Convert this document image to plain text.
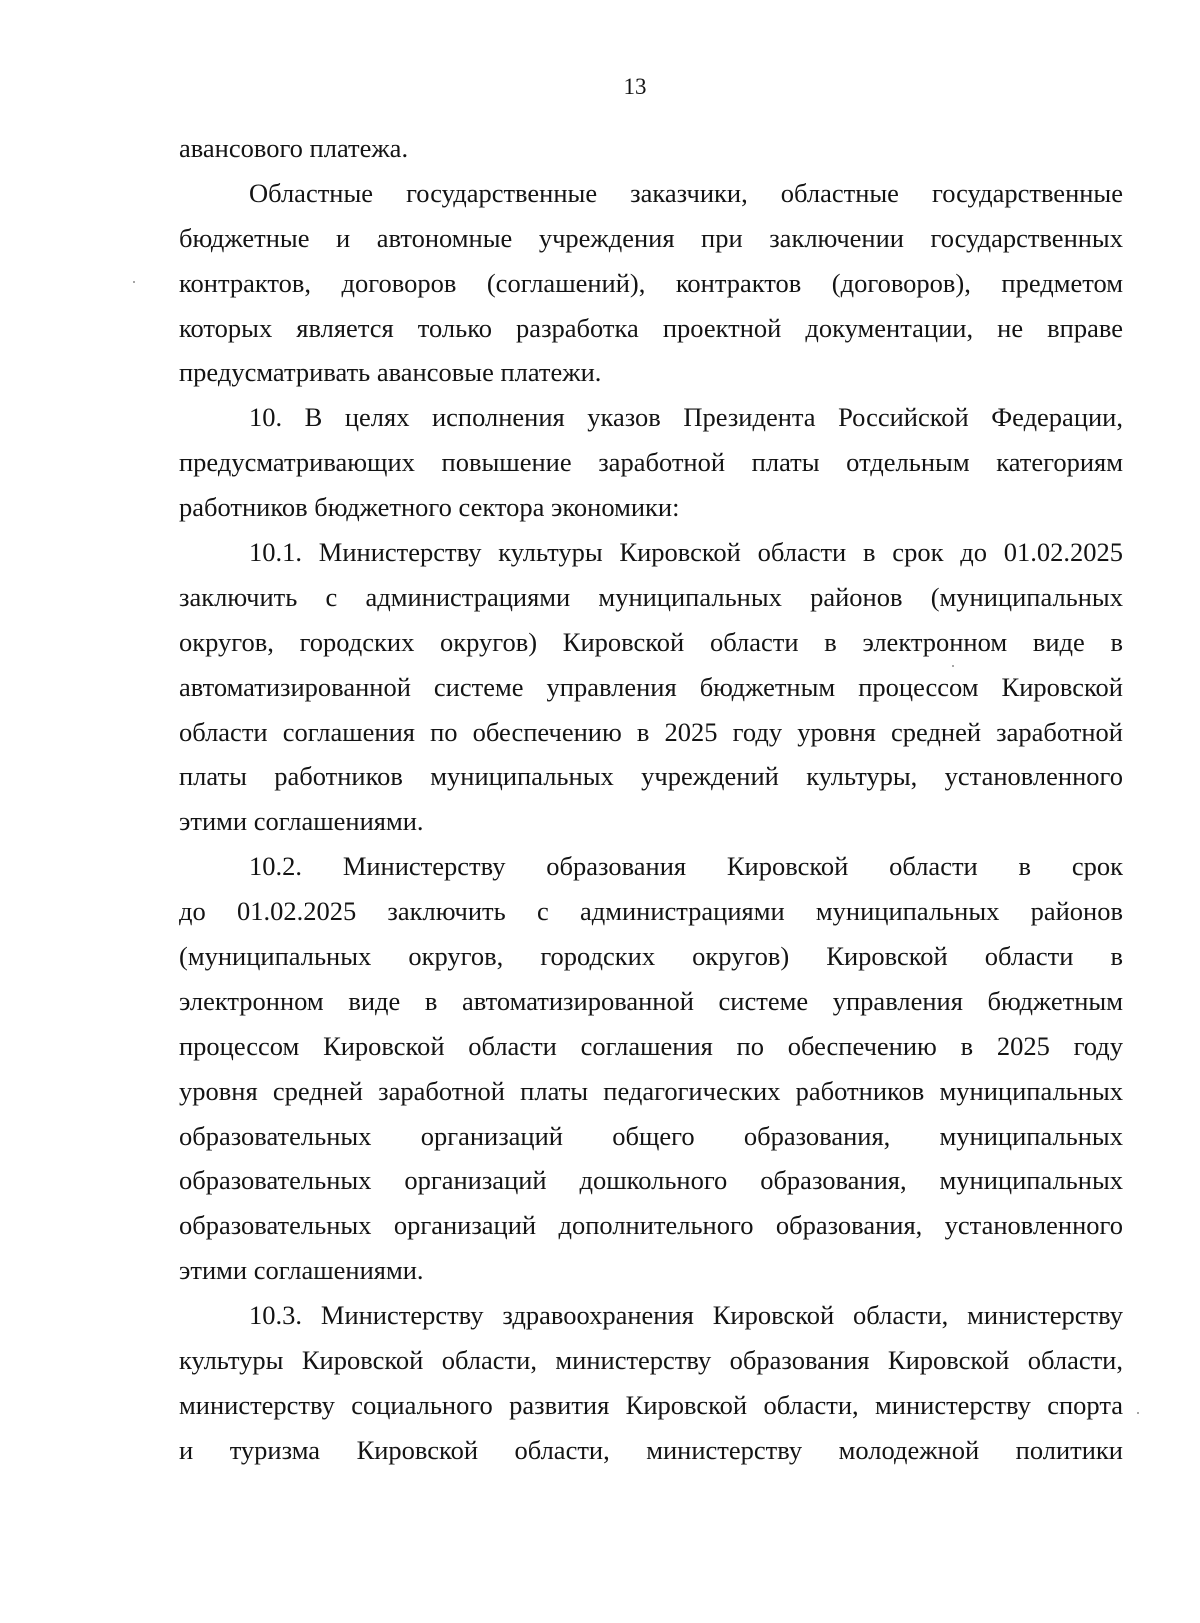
13
авансового платежа.
Областные государственные заказчики, областные государственные
бюджетные и автономные учреждения при заключении государственных
контрактов, договоров (соглашений), контрактов (договоров), предметом
которых является только разработка проектной документации, не вправе
предусматривать авансовые платежи.
10. В целях исполнения указов Президента Российской Федерации,
предусматривающих повышение заработной платы отдельным категориям
работников бюджетного сектора экономики:
10.1. Министерству культуры Кировской области в срок до 01.02.2025
заключить с администрациями муниципальных районов (муниципальных
округов, городских округов) Кировской области в электронном виде в
автоматизированной системе управления бюджетным процессом Кировской
области соглашения по обеспечению в 2025 году уровня средней заработной
платы работников муниципальных учреждений культуры, установленного
этими соглашениями.
10.2. Министерству образования Кировской области в срок
до 01.02.2025 заключить с администрациями муниципальных районов
(муниципальных округов, городских округов) Кировской области в
электронном виде в автоматизированной системе управления бюджетным
процессом Кировской области соглашения по обеспечению в 2025 году
уровня средней заработной платы педагогических работников муниципальных
образовательных организаций общего образования, муниципальных
образовательных организаций дошкольного образования, муниципальных
образовательных организаций дополнительного образования, установленного
этими соглашениями.
10.3. Министерству здравоохранения Кировской области, министерству
культуры Кировской области, министерству образования Кировской области,
министерству социального развития Кировской области, министерству спорта
и туризма Кировской области, министерству молодежной политики
